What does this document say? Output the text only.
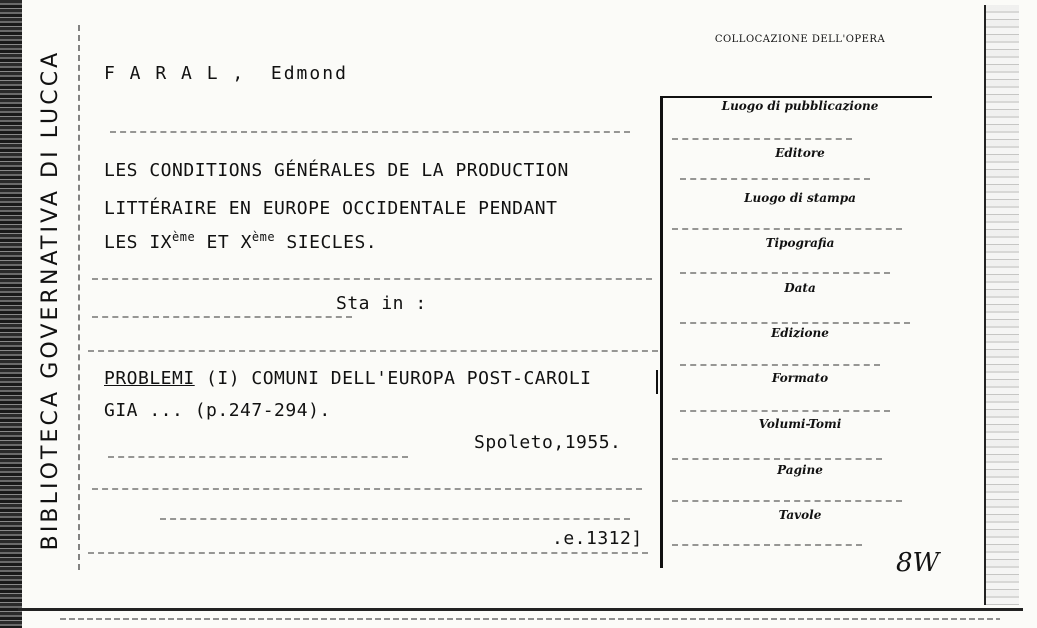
BIBLIOTECA GOVERNATIVA DI LUCCA
COLLOCAZIONE DELL'OPERA
F A R A L ,  Edmond
LES CONDITIONS GÉNÉRALES DE LA PRODUCTION
LITTÉRAIRE EN EUROPE OCCIDENTALE PENDANT
LES IXème ET Xème SIECLES.
Sta in :
PROBLEMI (I) COMUNI DELL'EUROPA POST-CAROLI
GIA ... (p.247-294).
Spoleto,1955.
.e.1312]
Luogo di pubblicazione
Editore
Luogo di stampa
Tipografia
Data
Edizione
Formato
Volumi-Tomi
Pagine
Tavole
8W
